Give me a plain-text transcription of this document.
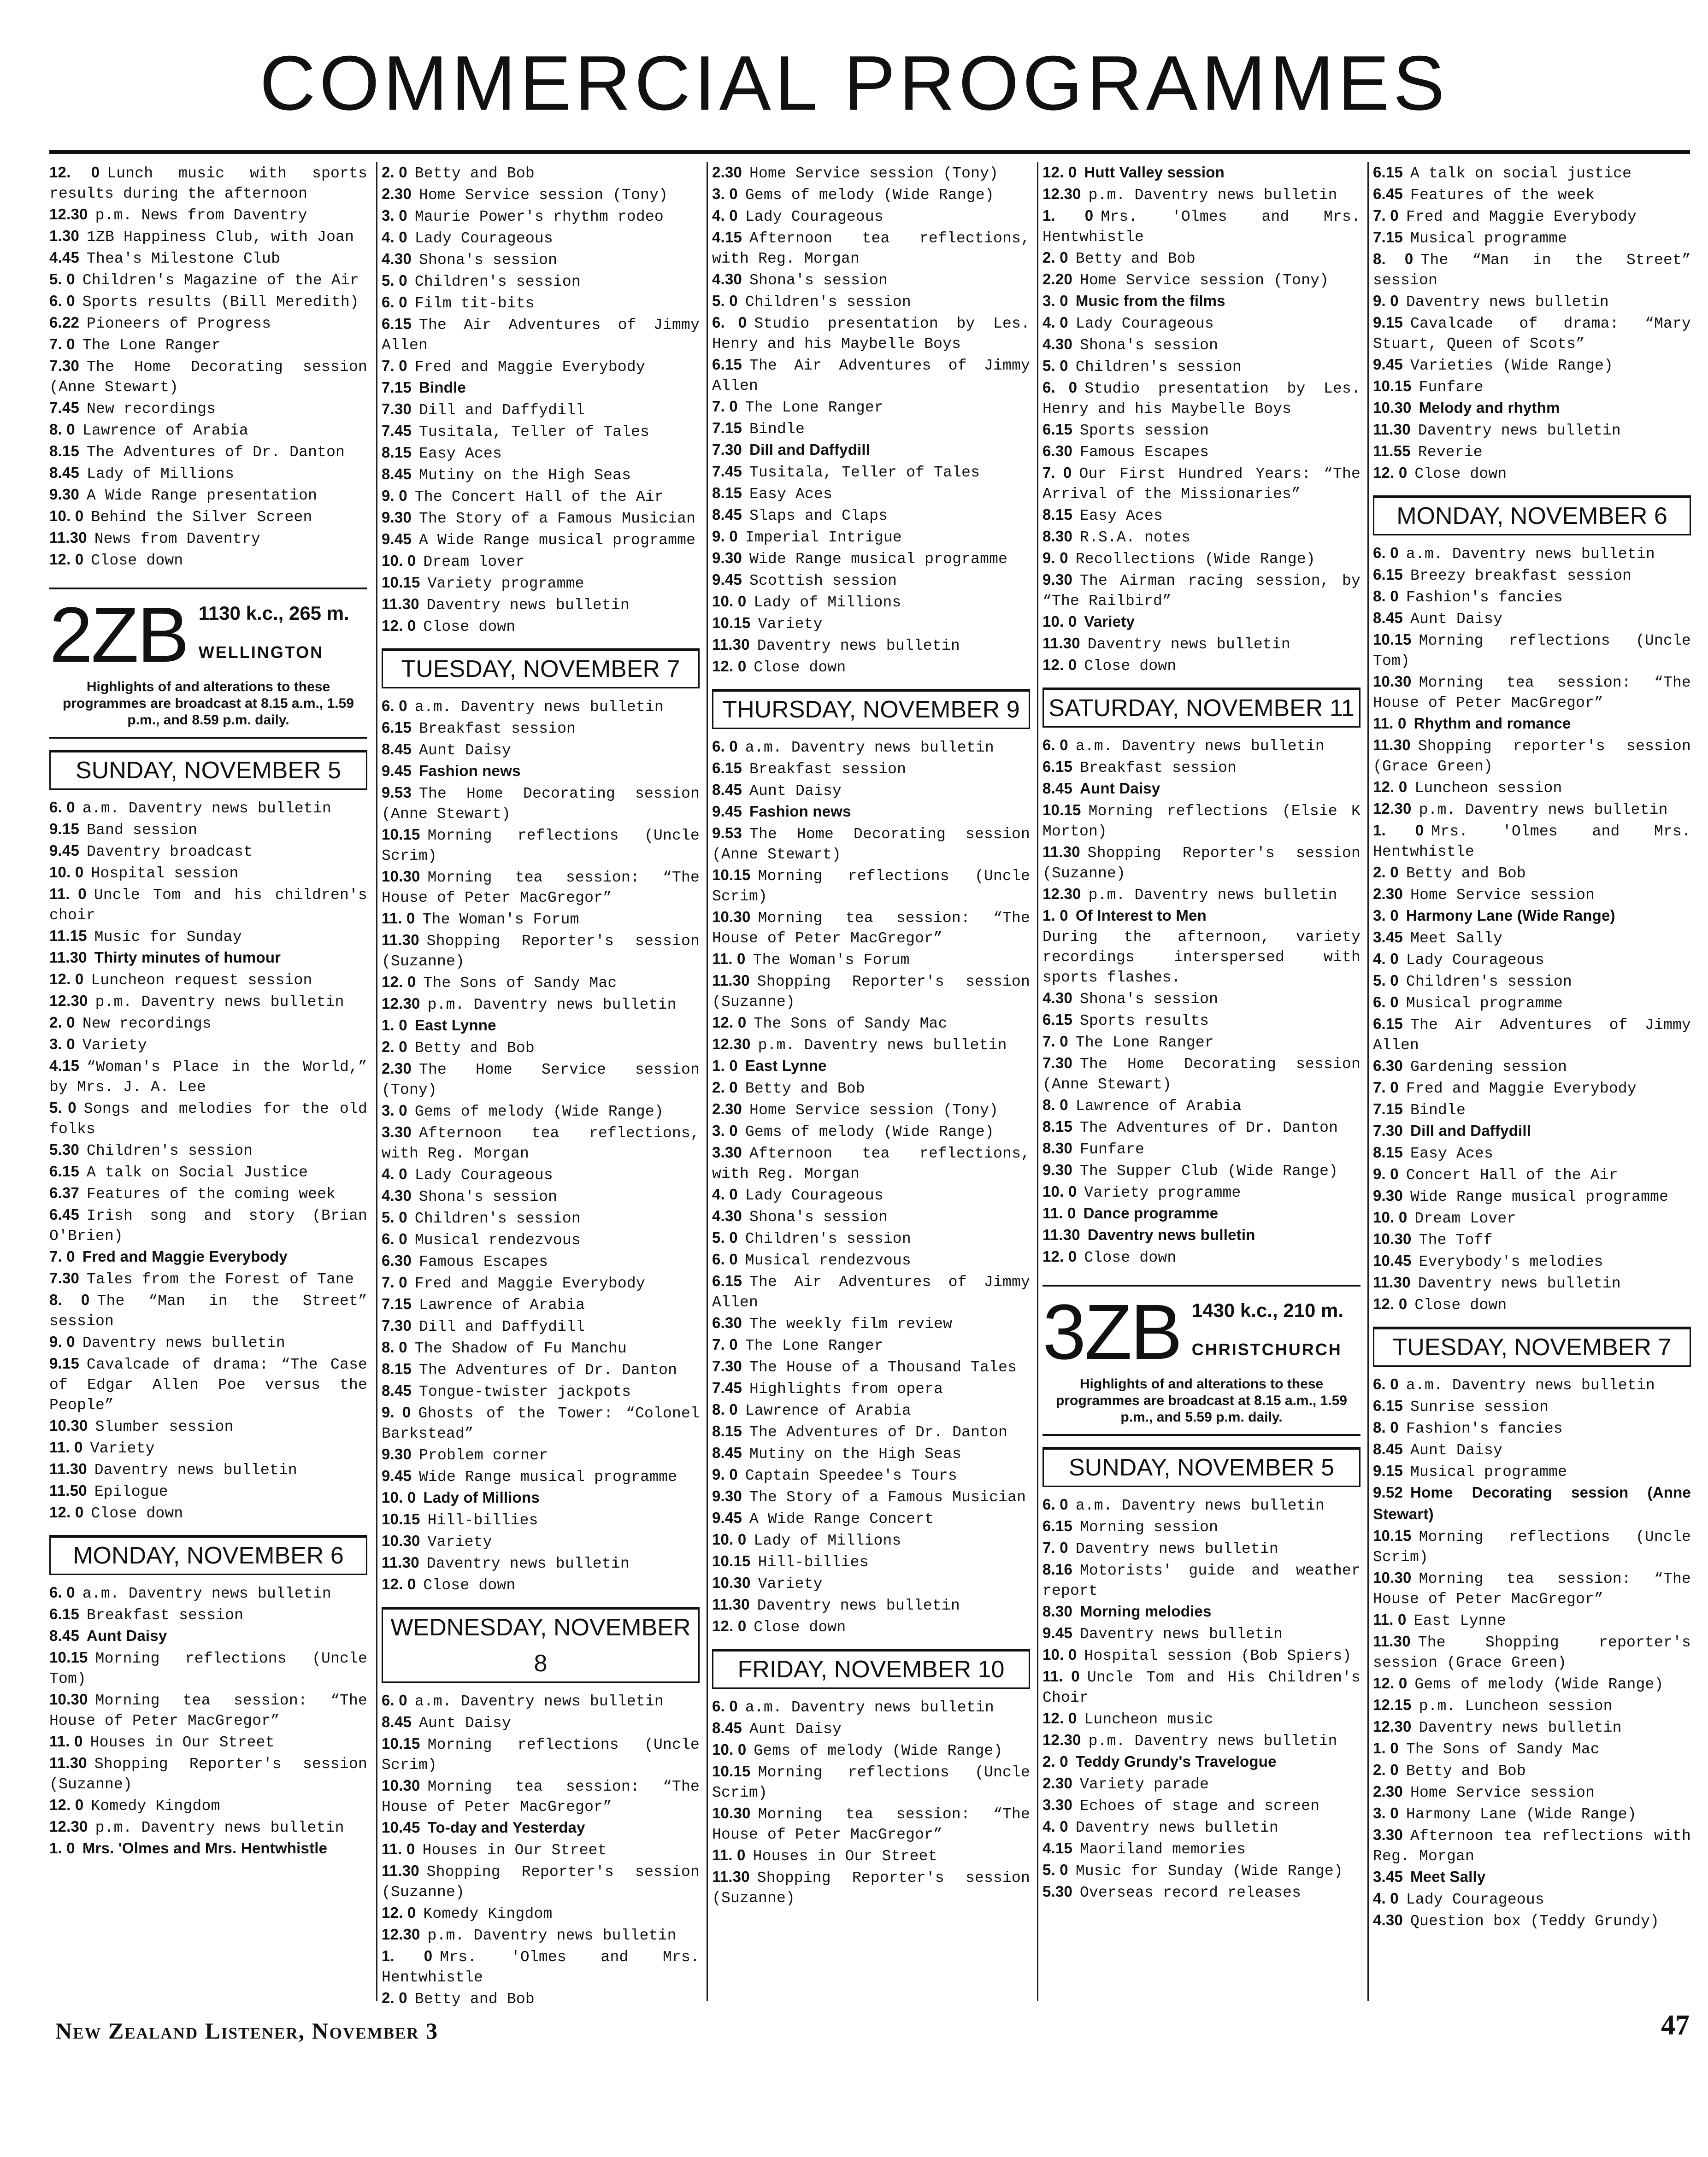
COMMERCIAL PROGRAMMES

12. 0 Lunch music with sports results during the afternoon

12.30 p.m. News from Daventry

1.30 1ZB Happiness Club, with Joan

4.45 Thea's Milestone Club

5. 0 Children's Magazine of the Air

6. 0 Sports results (Bill Meredith)

6.22 Pioneers of Progress

7. 0 The Lone Ranger

7.30 The Home Decorating session (Anne Stewart)

7.45 New recordings

8. 0 Lawrence of Arabia

8.15 The Adventures of Dr. Danton

8.45 Lady of Millions

9.30 A Wide Range presentation

10. 0 Behind the Silver Screen

11.30 News from Daventry

12. 0 Close down

2ZB 1130 k.c., 265 m.
WELLINGTON
Highlights of and alterations to these programmes are broadcast at 8.15 a.m., 1.59 p.m., and 8.59 p.m. daily.
SUNDAY, NOVEMBER 5

6. 0 a.m. Daventry news bulletin

9.15 Band session

9.45 Daventry broadcast

10. 0 Hospital session

11. 0 Uncle Tom and his children's choir

11.15 Music for Sunday

11.30 Thirty minutes of humour

12. 0 Luncheon request session

12.30 p.m. Daventry news bulletin

2. 0 New recordings

3. 0 Variety

4.15 “Woman's Place in the World,” by Mrs. J. A. Lee

5. 0 Songs and melodies for the old folks

5.30 Children's session

6.15 A talk on Social Justice

6.37 Features of the coming week

6.45 Irish song and story (Brian O'Brien)

7. 0 Fred and Maggie Everybody

7.30 Tales from the Forest of Tane

8. 0 The “Man in the Street” session

9. 0 Daventry news bulletin

9.15 Cavalcade of drama: “The Case of Edgar Allen Poe versus the People”

10.30 Slumber session

11. 0 Variety

11.30 Daventry news bulletin

11.50 Epilogue

12. 0 Close down

MONDAY, NOVEMBER 6

6. 0 a.m. Daventry news bulletin

6.15 Breakfast session

8.45 Aunt Daisy

10.15 Morning reflections (Uncle Tom)

10.30 Morning tea session: “The House of Peter MacGregor”

11. 0 Houses in Our Street

11.30 Shopping Reporter's session (Suzanne)

12. 0 Komedy Kingdom

12.30 p.m. Daventry news bulletin

1. 0 Mrs. 'Olmes and Mrs. Hentwhistle

2. 0 Betty and Bob

2.30 Home Service session (Tony)

3. 0 Maurie Power's rhythm rodeo

4. 0 Lady Courageous

4.30 Shona's session

5. 0 Children's session

6. 0 Film tit-bits

6.15 The Air Adventures of Jimmy Allen

7. 0 Fred and Maggie Everybody

7.15 Bindle

7.30 Dill and Daffydill

7.45 Tusitala, Teller of Tales

8.15 Easy Aces

8.45 Mutiny on the High Seas

9. 0 The Concert Hall of the Air

9.30 The Story of a Famous Musician

9.45 A Wide Range musical programme

10. 0 Dream lover

10.15 Variety programme

11.30 Daventry news bulletin

12. 0 Close down

TUESDAY, NOVEMBER 7

6. 0 a.m. Daventry news bulletin

6.15 Breakfast session

8.45 Aunt Daisy

9.45 Fashion news

9.53 The Home Decorating session (Anne Stewart)

10.15 Morning reflections (Uncle Scrim)

10.30 Morning tea session: “The House of Peter MacGregor”

11. 0 The Woman's Forum

11.30 Shopping Reporter's session (Suzanne)

12. 0 The Sons of Sandy Mac

12.30 p.m. Daventry news bulletin

1. 0 East Lynne

2. 0 Betty and Bob

2.30 The Home Service session (Tony)

3. 0 Gems of melody (Wide Range)

3.30 Afternoon tea reflections, with Reg. Morgan

4. 0 Lady Courageous

4.30 Shona's session

5. 0 Children's session

6. 0 Musical rendezvous

6.30 Famous Escapes

7. 0 Fred and Maggie Everybody

7.15 Lawrence of Arabia

7.30 Dill and Daffydill

8. 0 The Shadow of Fu Manchu

8.15 The Adventures of Dr. Danton

8.45 Tongue-twister jackpots

9. 0 Ghosts of the Tower: “Colonel Barkstead”

9.30 Problem corner

9.45 Wide Range musical programme

10. 0 Lady of Millions

10.15 Hill-billies

10.30 Variety

11.30 Daventry news bulletin

12. 0 Close down

WEDNESDAY, NOVEMBER 8

6. 0 a.m. Daventry news bulletin

8.45 Aunt Daisy

10.15 Morning reflections (Uncle Scrim)

10.30 Morning tea session: “The House of Peter MacGregor”

10.45 To-day and Yesterday

11. 0 Houses in Our Street

11.30 Shopping Reporter's session (Suzanne)

12. 0 Komedy Kingdom

12.30 p.m. Daventry news bulletin

1. 0 Mrs. 'Olmes and Mrs. Hentwhistle

2. 0 Betty and Bob

2.30 Home Service session (Tony)

3. 0 Gems of melody (Wide Range)

4. 0 Lady Courageous

4.15 Afternoon tea reflections, with Reg. Morgan

4.30 Shona's session

5. 0 Children's session

6. 0 Studio presentation by Les. Henry and his Maybelle Boys

6.15 The Air Adventures of Jimmy Allen

7. 0 The Lone Ranger

7.15 Bindle

7.30 Dill and Daffydill

7.45 Tusitala, Teller of Tales

8.15 Easy Aces

8.45 Slaps and Claps

9. 0 Imperial Intrigue

9.30 Wide Range musical programme

9.45 Scottish session

10. 0 Lady of Millions

10.15 Variety

11.30 Daventry news bulletin

12. 0 Close down

THURSDAY, NOVEMBER 9

6. 0 a.m. Daventry news bulletin

6.15 Breakfast session

8.45 Aunt Daisy

9.45 Fashion news

9.53 The Home Decorating session (Anne Stewart)

10.15 Morning reflections (Uncle Scrim)

10.30 Morning tea session: “The House of Peter MacGregor”

11. 0 The Woman's Forum

11.30 Shopping Reporter's session (Suzanne)

12. 0 The Sons of Sandy Mac

12.30 p.m. Daventry news bulletin

1. 0 East Lynne

2. 0 Betty and Bob

2.30 Home Service session (Tony)

3. 0 Gems of melody (Wide Range)

3.30 Afternoon tea reflections, with Reg. Morgan

4. 0 Lady Courageous

4.30 Shona's session

5. 0 Children's session

6. 0 Musical rendezvous

6.15 The Air Adventures of Jimmy Allen

6.30 The weekly film review

7. 0 The Lone Ranger

7.30 The House of a Thousand Tales

7.45 Highlights from opera

8. 0 Lawrence of Arabia

8.15 The Adventures of Dr. Danton

8.45 Mutiny on the High Seas

9. 0 Captain Speedee's Tours

9.30 The Story of a Famous Musician

9.45 A Wide Range Concert

10. 0 Lady of Millions

10.15 Hill-billies

10.30 Variety

11.30 Daventry news bulletin

12. 0 Close down

FRIDAY, NOVEMBER 10

6. 0 a.m. Daventry news bulletin

8.45 Aunt Daisy

10. 0 Gems of melody (Wide Range)

10.15 Morning reflections (Uncle Scrim)

10.30 Morning tea session: “The House of Peter MacGregor”

11. 0 Houses in Our Street

11.30 Shopping Reporter's session (Suzanne)

12. 0 Hutt Valley session

12.30 p.m. Daventry news bulletin

1. 0 Mrs. 'Olmes and Mrs. Hentwhistle

2. 0 Betty and Bob

2.20 Home Service session (Tony)

3. 0 Music from the films

4. 0 Lady Courageous

4.30 Shona's session

5. 0 Children's session

6. 0 Studio presentation by Les. Henry and his Maybelle Boys

6.15 Sports session

6.30 Famous Escapes

7. 0 Our First Hundred Years: “The Arrival of the Missionaries”

8.15 Easy Aces

8.30 R.S.A. notes

9. 0 Recollections (Wide Range)

9.30 The Airman racing session, by “The Railbird”

10. 0 Variety

11.30 Daventry news bulletin

12. 0 Close down

SATURDAY, NOVEMBER 11

6. 0 a.m. Daventry news bulletin

6.15 Breakfast session

8.45 Aunt Daisy

10.15 Morning reflections (Elsie K Morton)

11.30 Shopping Reporter's session (Suzanne)

12.30 p.m. Daventry news bulletin

1. 0 Of Interest to Men

During the afternoon, variety recordings interspersed with sports flashes.

4.30 Shona's session

6.15 Sports results

7. 0 The Lone Ranger

7.30 The Home Decorating session (Anne Stewart)

8. 0 Lawrence of Arabia

8.15 The Adventures of Dr. Danton

8.30 Funfare

9.30 The Supper Club (Wide Range)

10. 0 Variety programme

11. 0 Dance programme

11.30 Daventry news bulletin

12. 0 Close down

3ZB 1430 k.c., 210 m.
CHRISTCHURCH
Highlights of and alterations to these programmes are broadcast at 8.15 a.m., 1.59 p.m., and 5.59 p.m. daily.
SUNDAY, NOVEMBER 5

6. 0 a.m. Daventry news bulletin

6.15 Morning session

7. 0 Daventry news bulletin

8.16 Motorists' guide and weather report

8.30 Morning melodies

9.45 Daventry news bulletin

10. 0 Hospital session (Bob Spiers)

11. 0 Uncle Tom and His Children's Choir

12. 0 Luncheon music

12.30 p.m. Daventry news bulletin

2. 0 Teddy Grundy's Travelogue

2.30 Variety parade

3.30 Echoes of stage and screen

4. 0 Daventry news bulletin

4.15 Maoriland memories

5. 0 Music for Sunday (Wide Range)

5.30 Overseas record releases

6.15 A talk on social justice

6.45 Features of the week

7. 0 Fred and Maggie Everybody

7.15 Musical programme

8. 0 The “Man in the Street” session

9. 0 Daventry news bulletin

9.15 Cavalcade of drama: “Mary Stuart, Queen of Scots”

9.45 Varieties (Wide Range)

10.15 Funfare

10.30 Melody and rhythm

11.30 Daventry news bulletin

11.55 Reverie

12. 0 Close down

MONDAY, NOVEMBER 6

6. 0 a.m. Daventry news bulletin

6.15 Breezy breakfast session

8. 0 Fashion's fancies

8.45 Aunt Daisy

10.15 Morning reflections (Uncle Tom)

10.30 Morning tea session: “The House of Peter MacGregor”

11. 0 Rhythm and romance

11.30 Shopping reporter's session (Grace Green)

12. 0 Luncheon session

12.30 p.m. Daventry news bulletin

1. 0 Mrs. 'Olmes and Mrs. Hentwhistle

2. 0 Betty and Bob

2.30 Home Service session

3. 0 Harmony Lane (Wide Range)

3.45 Meet Sally

4. 0 Lady Courageous

5. 0 Children's session

6. 0 Musical programme

6.15 The Air Adventures of Jimmy Allen

6.30 Gardening session

7. 0 Fred and Maggie Everybody

7.15 Bindle

7.30 Dill and Daffydill

8.15 Easy Aces

9. 0 Concert Hall of the Air

9.30 Wide Range musical programme

10. 0 Dream Lover

10.30 The Toff

10.45 Everybody's melodies

11.30 Daventry news bulletin

12. 0 Close down

TUESDAY, NOVEMBER 7

6. 0 a.m. Daventry news bulletin

6.15 Sunrise session

8. 0 Fashion's fancies

8.45 Aunt Daisy

9.15 Musical programme

9.52 Home Decorating session (Anne Stewart)

10.15 Morning reflections (Uncle Scrim)

10.30 Morning tea session: “The House of Peter MacGregor”

11. 0 East Lynne

11.30 The Shopping reporter's session (Grace Green)

12. 0 Gems of melody (Wide Range)

12.15 p.m. Luncheon session

12.30 Daventry news bulletin

1. 0 The Sons of Sandy Mac

2. 0 Betty and Bob

2.30 Home Service session

3. 0 Harmony Lane (Wide Range)

3.30 Afternoon tea reflections with Reg. Morgan

3.45 Meet Sally

4. 0 Lady Courageous

4.30 Question box (Teddy Grundy)

New Zealand Listener, November 3	47
